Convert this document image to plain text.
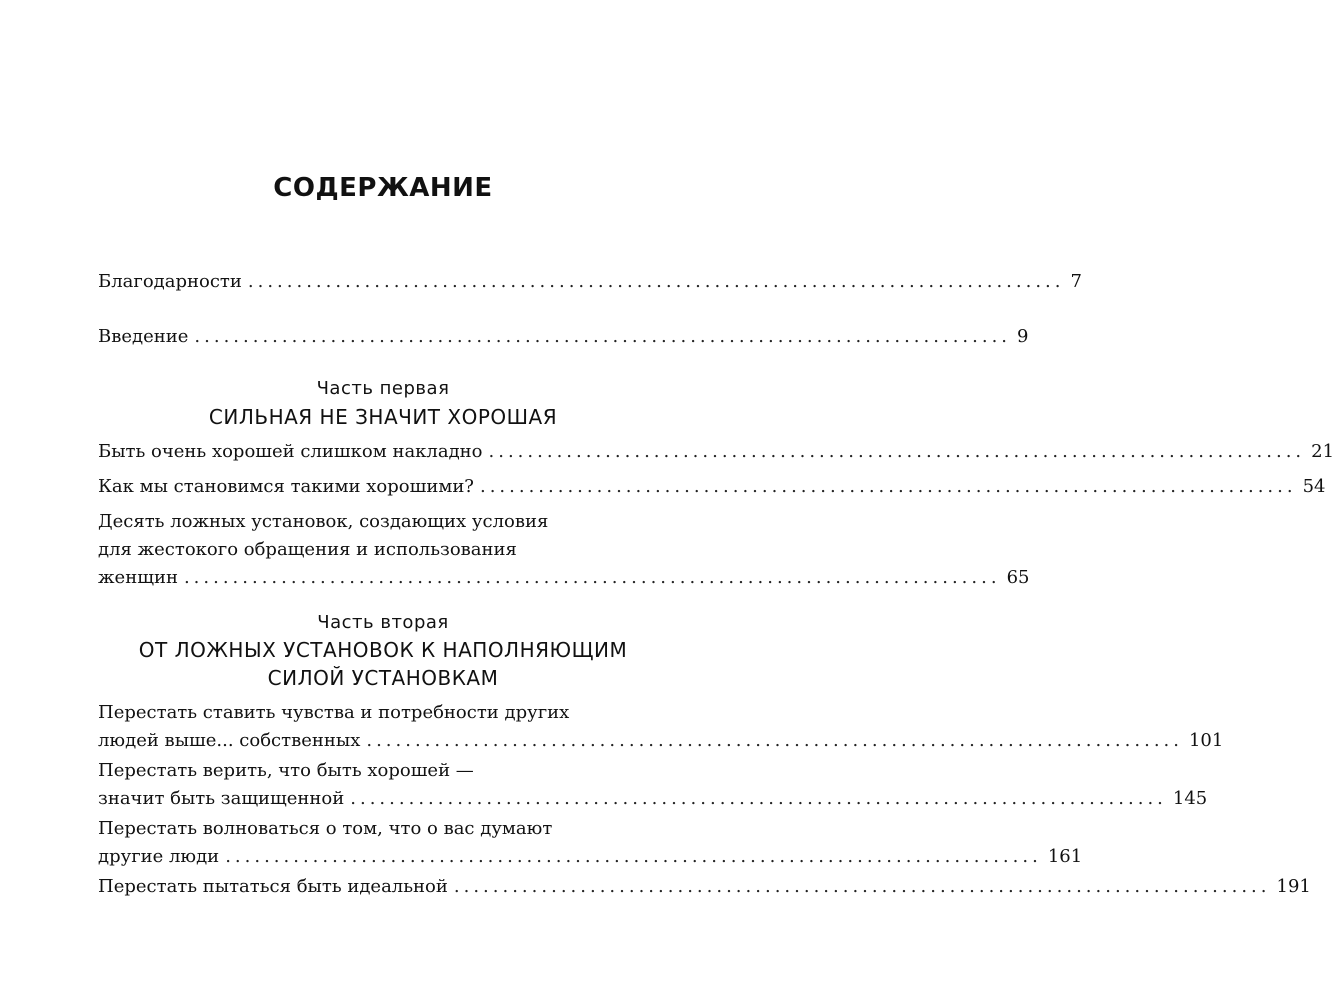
СОДЕРЖАНИЕ
Благодарности .................................................................................... 7
Введение .................................................................................... 9
Часть первая
СИЛЬНАЯ НЕ ЗНАЧИТ ХОРОШАЯ
Быть очень хорошей слишком накладно .................................................................................... 21
Как мы становимся такими хорошими? .................................................................................... 54
Десять ложных установок, создающих условия
для жестокого обращения и использования
женщин .................................................................................... 65
Часть вторая
ОТ ЛОЖНЫХ УСТАНОВОК К НАПОЛНЯЮЩИМ
СИЛОЙ УСТАНОВКАМ
Перестать ставить чувства и потребности других
людей выше... собственных .................................................................................... 101
Перестать верить, что быть хорошей —
значит быть защищенной .................................................................................... 145
Перестать волноваться о том, что о вас думают
другие люди .................................................................................... 161
Перестать пытаться быть идеальной .................................................................................... 191
